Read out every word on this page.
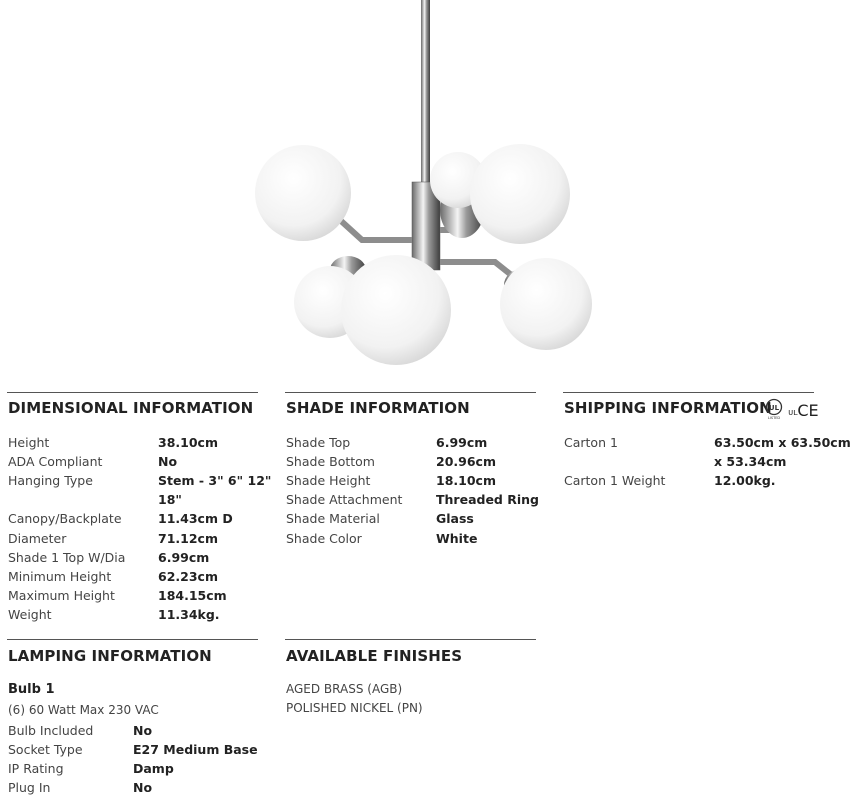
DIMENSIONAL INFORMATION
Height	38.10cm
ADA Compliant	No
Hanging Type	Stem - 3" 6" 12"
18"
Canopy/Backplate	11.43cm D
Diameter	71.12cm
Shade 1 Top W/Dia	6.99cm
Minimum Height	62.23cm
Maximum Height	184.15cm
Weight	11.34kg.
SHADE INFORMATION
Shade Top	6.99cm
Shade Bottom	20.96cm
Shade Height	18.10cm
Shade Attachment	Threaded Ring
Shade Material	Glass
Shade Color	White
SHIPPING INFORMATION
UL
LISTED ᴜʟ CE
Carton 1	63.50cm x 63.50cm
x 53.34cm
Carton 1 Weight	12.00kg.
LAMPING INFORMATION
Bulb 1
(6) 60 Watt Max 230 VAC
Bulb Included	No
Socket Type	E27 Medium Base
IP Rating	Damp
Plug In	No
AVAILABLE FINISHES
AGED BRASS (AGB)
POLISHED NICKEL (PN)
